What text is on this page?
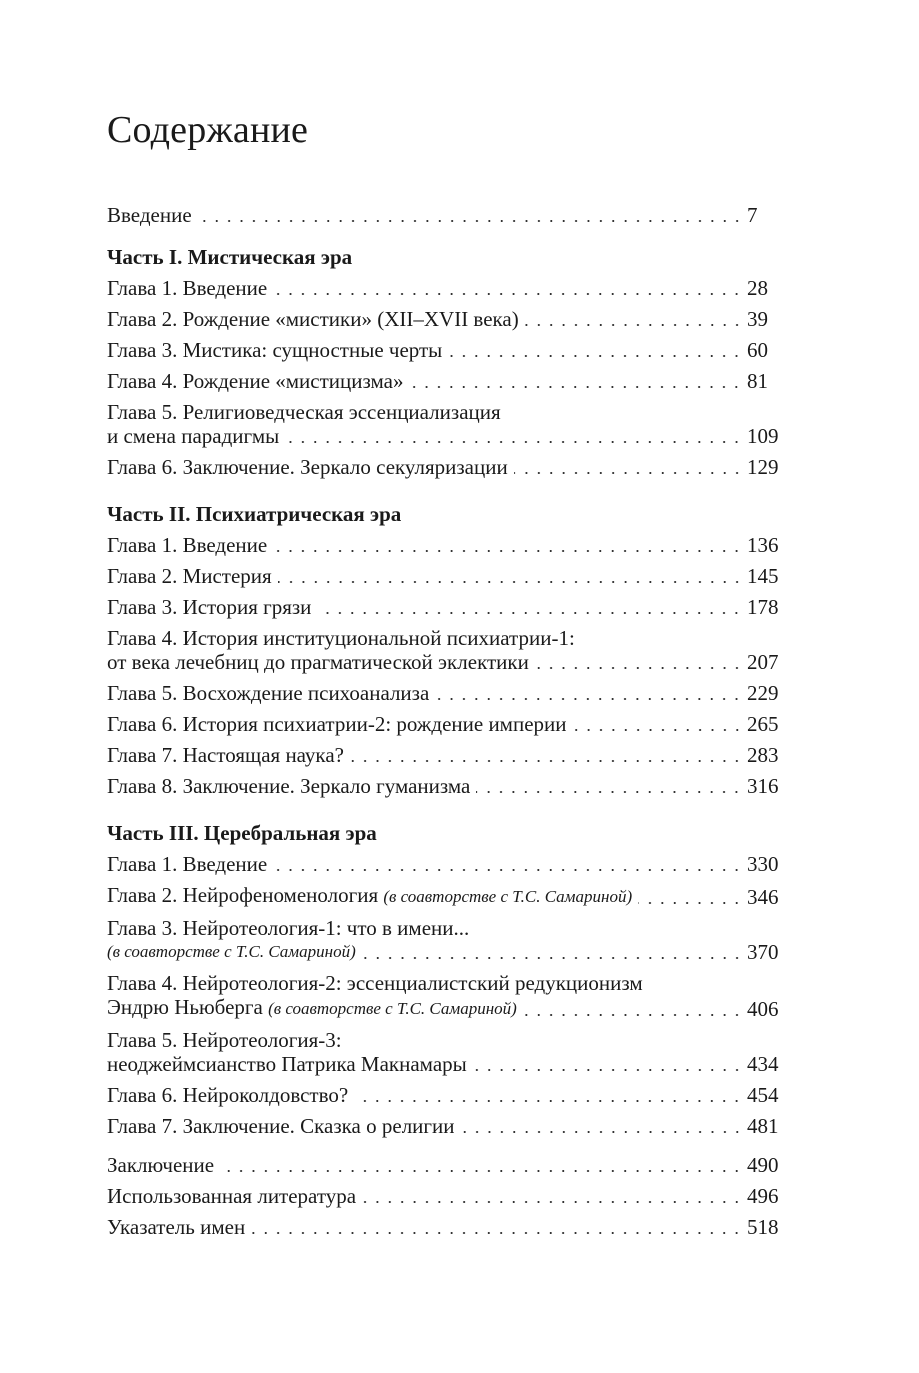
Содержание
Введение	7
Часть I. Мистическая эра
Глава 1. Введение	28
Глава 2. Рождение «мистики» (XII–XVII века)	39
Глава 3. Мистика: сущностные черты	60
Глава 4. Рождение «мистицизма»	81
Глава 5. Религиоведческая эссенциализация
и смена парадигмы	109
Глава 6. Заключение. Зеркало секуляризации	129
Часть II. Психиатрическая эра
Глава 1. Введение	136
Глава 2. Мистерия	145
Глава 3. История грязи	178
Глава 4. История институциональной психиатрии-1:
от века лечебниц до прагматической эклектики	207
Глава 5. Восхождение психоанализа	229
Глава 6. История психиатрии-2: рождение империи	265
Глава 7. Настоящая наука?	283
Глава 8. Заключение. Зеркало гуманизма	316
Часть III. Церебральная эра
Глава 1. Введение	330
Глава 2. Нейрофеноменология (в соавторстве с Т.С. Самариной)	346
Глава 3. Нейротеология-1: что в имени...
(в соавторстве с Т.С. Самариной)	370
Глава 4. Нейротеология-2: эссенциалистский редукционизм
Эндрю Ньюберга (в соавторстве с Т.С. Самариной)	406
Глава 5. Нейротеология-3:
неоджеймсианство Патрика Макнамары	434
Глава 6. Нейроколдовство?	454
Глава 7. Заключение. Сказка о религии	481
Заключение	490
Использованная литература	496
Указатель имен	518
